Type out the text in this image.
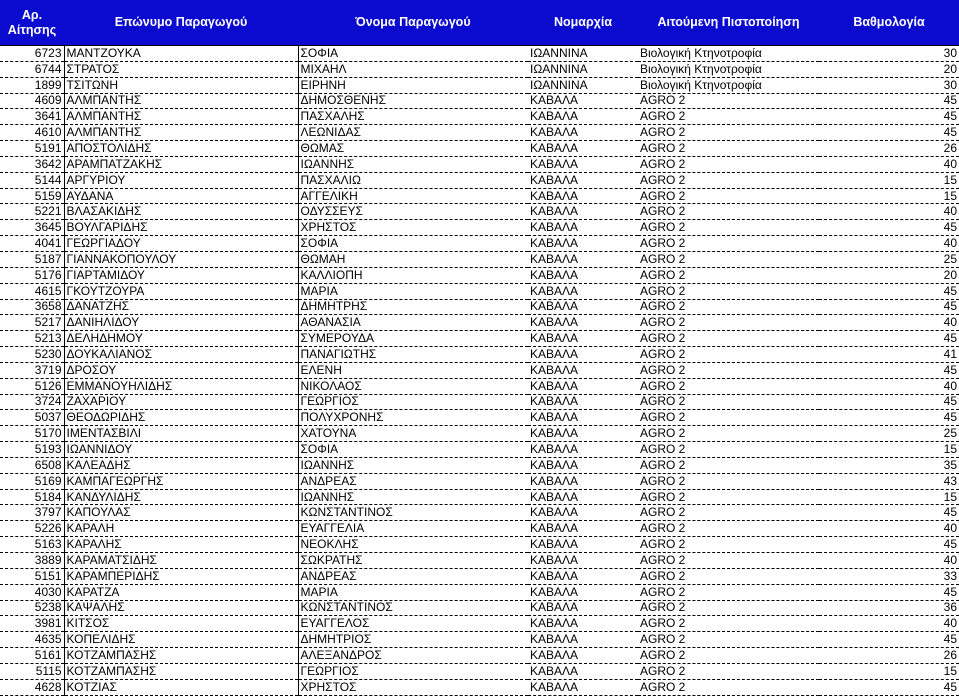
Αρ. Αίτησης	Επώνυμο Παραγωγού	Όνομα Παραγωγού	Νομαρχία	Αιτούμενη Πιστοποίηση	Βαθμολογία
6723	ΜΑΝΤΖΟΥΚΑ	ΣΟΦΙΑ	ΙΩΑΝΝΙΝΑ	Βιολογική Κτηνοτροφία	30
6744	ΣΤΡΑΤΟΣ	ΜΙΧΑΗΛ	ΙΩΑΝΝΙΝΑ	Βιολογική Κτηνοτροφία	20
1899	ΤΣΙΤΩΝΗ	ΕΙΡΗΝΗ	ΙΩΑΝΝΙΝΑ	Βιολογική Κτηνοτροφία	30
4609	ΑΛΜΠΑΝΤΗΣ	ΔΗΜΟΣΘΕΝΗΣ	ΚΑΒΑΛΑ	AGRO 2	45
3641	ΑΛΜΠΑΝΤΗΣ	ΠΑΣΧΑΛΗΣ	ΚΑΒΑΛΑ	AGRO 2	45
4610	ΑΛΜΠΑΝΤΗΣ	ΛΕΩΝΙΔΑΣ	ΚΑΒΑΛΑ	AGRO 2	45
5191	ΑΠΟΣΤΟΛΙΔΗΣ	ΘΩΜΑΣ	ΚΑΒΑΛΑ	AGRO 2	26
3642	ΑΡΑΜΠΑΤΖΑΚΗΣ	ΙΩΑΝΝΗΣ	ΚΑΒΑΛΑ	AGRO 2	40
5144	ΑΡΓΥΡΙΟΥ	ΠΑΣΧΑΛΙΩ	ΚΑΒΑΛΑ	AGRO 2	15
5159	ΑΥΔΑΝΑ	ΑΓΓΕΛΙΚΗ	ΚΑΒΑΛΑ	AGRO 2	15
5221	ΒΛΑΣΑΚΙΔΗΣ	ΟΔΥΣΣΕΥΣ	ΚΑΒΑΛΑ	AGRO 2	40
3645	ΒΟΥΛΓΑΡΙΔΗΣ	ΧΡΗΣΤΟΣ	ΚΑΒΑΛΑ	AGRO 2	45
4041	ΓΕΩΡΓΙΑΔΟΥ	ΣΟΦΙΑ	ΚΑΒΑΛΑ	AGRO 2	40
5187	ΓΙΑΝΝΑΚΟΠΟΥΛΟΥ	ΘΩΜΑΗ	ΚΑΒΑΛΑ	AGRO 2	25
5176	ΓΙΑΡΤΑΜΙΔΟΥ	ΚΑΛΛΙΟΠΗ	ΚΑΒΑΛΑ	AGRO 2	20
4615	ΓΚΟΥΤΖΟΥΡΑ	ΜΑΡΙΑ	ΚΑΒΑΛΑ	AGRO 2	45
3658	ΔΑΝΑΤΖΗΣ	ΔΗΜΗΤΡΗΣ	ΚΑΒΑΛΑ	AGRO 2	45
5217	ΔΑΝΙΗΛΙΔΟΥ	ΑΘΑΝΑΣΙΑ	ΚΑΒΑΛΑ	AGRO 2	40
5213	ΔΕΛΗΔΗΜΟΥ	ΣΥΜΕΡΟΥΔΑ	ΚΑΒΑΛΑ	AGRO 2	45
5230	ΔΟΥΚΑΛΙΑΝΟΣ	ΠΑΝΑΓΙΩΤΗΣ	ΚΑΒΑΛΑ	AGRO 2	41
3719	ΔΡΟΣΟΥ	ΕΛΕΝΗ	ΚΑΒΑΛΑ	AGRO 2	45
5126	ΕΜΜΑΝΟΥΗΛΙΔΗΣ	ΝΙΚΟΛΑΟΣ	ΚΑΒΑΛΑ	AGRO 2	40
3724	ΖΑΧΑΡΙΟΥ	ΓΕΩΡΓΙΟΣ	ΚΑΒΑΛΑ	AGRO 2	45
5037	ΘΕΟΔΩΡΙΔΗΣ	ΠΟΛΥΧΡΟΝΗΣ	ΚΑΒΑΛΑ	AGRO 2	45
5170	ΙΜΕΝΤΑΣΒΙΛΙ	ΧΑΤΟΥΝΑ	ΚΑΒΑΛΑ	AGRO 2	25
5193	ΙΩΑΝΝΙΔΟΥ	ΣΟΦΙΑ	ΚΑΒΑΛΑ	AGRO 2	15
6508	ΚΑΛΕΑΔΗΣ	ΙΩΑΝΝΗΣ	ΚΑΒΑΛΑ	AGRO 2	35
5169	ΚΑΜΠΑΓΕΩΡΓΗΣ	ΑΝΔΡΕΑΣ	ΚΑΒΑΛΑ	AGRO 2	43
5184	ΚΑΝΔΥΛΙΔΗΣ	ΙΩΑΝΝΗΣ	ΚΑΒΑΛΑ	AGRO 2	15
3797	ΚΑΠΟΥΛΑΣ	ΚΩΝΣΤΑΝΤΙΝΟΣ	ΚΑΒΑΛΑ	AGRO 2	45
5226	ΚΑΡΑΛΗ	ΕΥΑΓΓΕΛΙΑ	ΚΑΒΑΛΑ	AGRO 2	40
5163	ΚΑΡΑΛΗΣ	ΝΕΟΚΛΗΣ	ΚΑΒΑΛΑ	AGRO 2	45
3889	ΚΑΡΑΜΑΤΣΙΔΗΣ	ΣΩΚΡΑΤΗΣ	ΚΑΒΑΛΑ	AGRO 2	40
5151	ΚΑΡΑΜΠΕΡΙΔΗΣ	ΑΝΔΡΕΑΣ	ΚΑΒΑΛΑ	AGRO 2	33
4030	ΚΑΡΑΤΖΑ	ΜΑΡΙΑ	ΚΑΒΑΛΑ	AGRO 2	45
5238	ΚΑΨΑΛΗΣ	ΚΩΝΣΤΑΝΤΙΝΟΣ	ΚΑΒΑΛΑ	AGRO 2	36
3981	ΚΙΤΣΟΣ	ΕΥΑΓΓΕΛΟΣ	ΚΑΒΑΛΑ	AGRO 2	40
4635	ΚΟΠΕΛΙΔΗΣ	ΔΗΜΗΤΡΙΟΣ	ΚΑΒΑΛΑ	AGRO 2	45
5161	ΚΟΤΖΑΜΠΑΣΗΣ	ΑΛΕΞΑΝΔΡΟΣ	ΚΑΒΑΛΑ	AGRO 2	26
5115	ΚΟΤΖΑΜΠΑΣΗΣ	ΓΕΩΡΓΙΟΣ	ΚΑΒΑΛΑ	AGRO 2	15
4628	ΚΟΤΖΙΑΣ	ΧΡΗΣΤΟΣ	ΚΑΒΑΛΑ	AGRO 2	45
